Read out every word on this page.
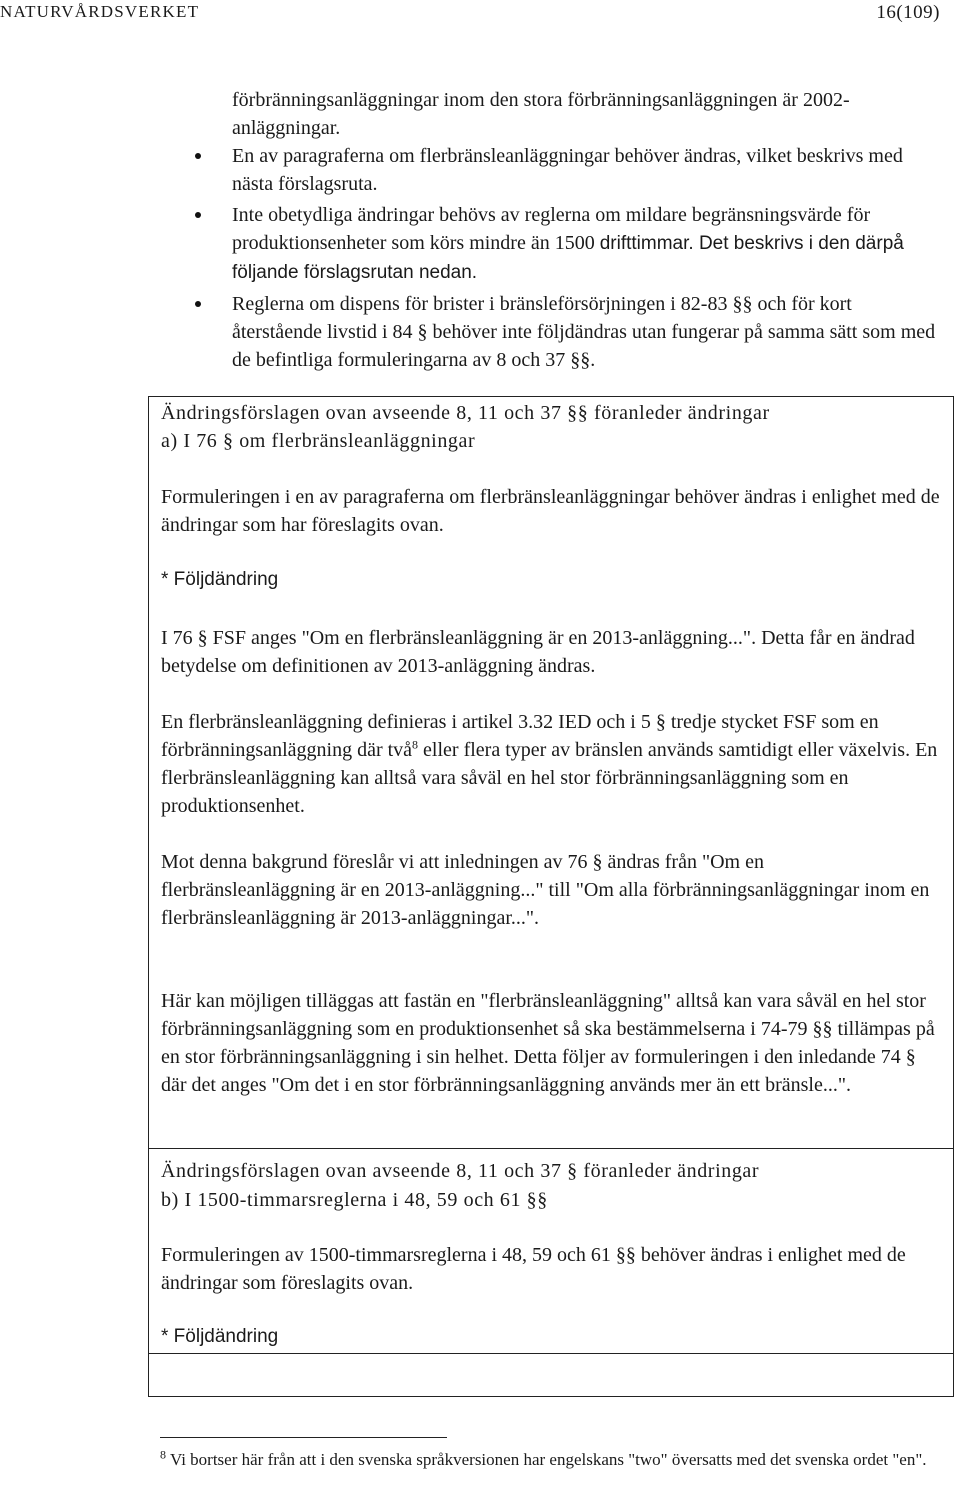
NATURVÅRDSVERKET	16(109)

förbränningsanläggningar inom den stora förbränningsanläggningen är 2002-anläggningar.

En av paragraferna om flerbränsleanläggningar behöver ändras, vilket beskrivs med nästa förslagsruta.
Inte obetydliga ändringar behövs av reglerna om mildare begränsningsvärde för produktionsenheter som körs mindre än 1500 drifttimmar. Det beskrivs i den därpå följande förslagsrutan nedan.
Reglerna om dispens för brister i bränsleförsörjningen i 82-83 §§ och för kort återstående livstid i 84 § behöver inte följdändras utan fungerar på samma sätt som med de befintliga formuleringarna av 8 och 37 §§.
Ändringsförslagen ovan avseende 8, 11 och 37 §§ föranleder ändringar
a) I 76 § om flerbränsleanläggningar
Formuleringen i en av paragraferna om flerbränsleanläggningar behöver ändras i enlighet med de ändringar som har föreslagits ovan.
* Följdändring
I 76 § FSF anges "Om en flerbränsleanläggning är en 2013-anläggning...". Detta får en ändrad betydelse om definitionen av 2013-anläggning ändras.
En flerbränsleanläggning definieras i artikel 3.32 IED och i 5 § tredje stycket FSF som en förbränningsanläggning där två$^8$ eller flera typer av bränslen används samtidigt eller växelvis. En flerbränsleanläggning kan alltså vara såväl en hel stor förbränningsanläggning som en produktionsenhet.
Mot denna bakgrund föreslår vi att inledningen av 76 § ändras från "Om en flerbränsleanläggning är en 2013-anläggning..." till "Om alla förbränningsanläggningar inom en flerbränsleanläggning är 2013-anläggningar...".
Här kan möjligen tilläggas att fastän en "flerbränsleanläggning" alltså kan vara såväl en hel stor förbränningsanläggning som en produktionsenhet så ska bestämmelserna i 74-79 §§ tillämpas på en stor förbränningsanläggning i sin helhet. Detta följer av formuleringen i den inledande 74 § där det anges "Om det i en stor förbränningsanläggning används mer än ett bränsle...".
Ändringsförslagen ovan avseende 8, 11 och 37 § föranleder ändringar
b) I 1500-timmarsreglerna i 48, 59 och 61 §§
Formuleringen av 1500-timmarsreglerna i 48, 59 och 61 §§ behöver ändras i enlighet med de ändringar som föreslagits ovan.
* Följdändring
$^8$ Vi bortser här från att i den svenska språkversionen har engelskans "two" översatts med det svenska ordet "en".
